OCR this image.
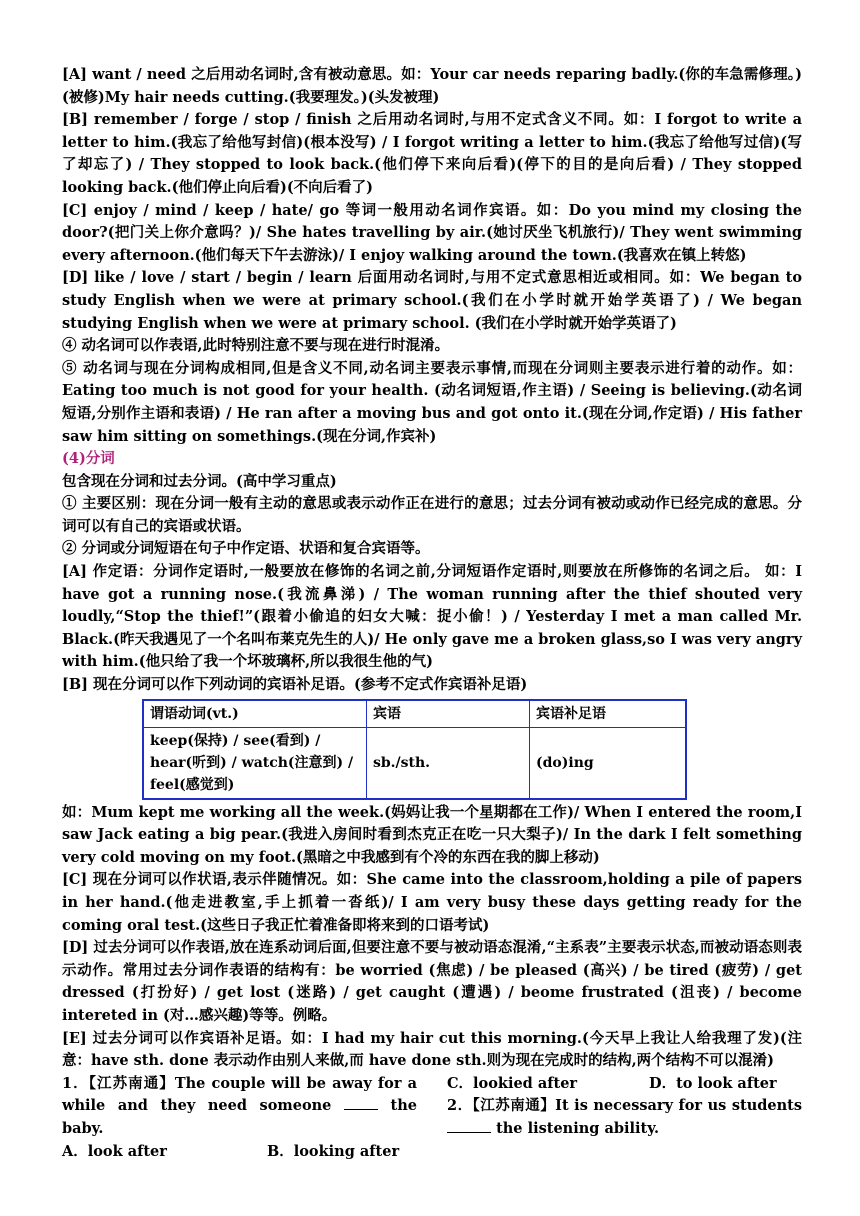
[A] want / need 之后用动名词时,含有被动意思。如：Your car needs reparing badly.(你的车急需修理。)(被修)My hair needs cutting.(我要理发。)(头发被理)

[B] remember / forge / stop / finish 之后用动名词时,与用不定式含义不同。如：I forgot to write a letter to him.(我忘了给他写封信)(根本没写) / I forgot writing a letter to him.(我忘了给他写过信)(写了却忘了) / They stopped to look back.(他们停下来向后看)(停下的目的是向后看) / They stopped looking back.(他们停止向后看)(不向后看了)

[C] enjoy / mind / keep / hate/ go 等词一般用动名词作宾语。如：Do you mind my closing the door?(把门关上你介意吗？)/ She hates travelling by air.(她讨厌坐飞机旅行)/ They went swimming every afternoon.(他们每天下午去游泳)/ I enjoy walking around the town.(我喜欢在镇上转悠)

[D] like / love / start / begin / learn 后面用动名词时,与用不定式意思相近或相同。如：We began to study English when we were at primary school.(我们在小学时就开始学英语了) / We began studying English when we were at primary school. (我们在小学时就开始学英语了)

④ 动名词可以作表语,此时特别注意不要与现在进行时混淆。

⑤ 动名词与现在分词构成相同,但是含义不同,动名词主要表示事情,而现在分词则主要表示进行着的动作。如：Eating too much is not good for your health. (动名词短语,作主语) / Seeing is believing.(动名词短语,分别作主语和表语) / He ran after a moving bus and got onto it.(现在分词,作定语) / His father saw him sitting on somethings.(现在分词,作宾补)

(4)分词

包含现在分词和过去分词。(高中学习重点)

① 主要区别：现在分词一般有主动的意思或表示动作正在进行的意思；过去分词有被动或动作已经完成的意思。分词可以有自己的宾语或状语。

② 分词或分词短语在句子中作定语、状语和复合宾语等。

[A] 作定语：分词作定语时,一般要放在修饰的名词之前,分词短语作定语时,则要放在所修饰的名词之后。 如：I have got a running nose.(我流鼻涕) / The woman running after the thief shouted very loudly,“Stop the thief!”(跟着小偷追的妇女大喊：捉小偷！) / Yesterday I met a man called Mr. Black.(昨天我遇见了一个名叫布莱克先生的人)/ He only gave me a broken glass,so I was very angry with him.(他只给了我一个坏玻璃杯,所以我很生他的气)

[B] 现在分词可以作下列动词的宾语补足语。(参考不定式作宾语补足语)

谓语动词(vt.)	宾语	宾语补足语
keep(保持) / see(看到) / hear(听到) / watch(注意到) / feel(感觉到)	sb./sth.	(do)ing

如：Mum kept me working all the week.(妈妈让我一个星期都在工作)/ When I entered the room,I saw Jack eating a big pear.(我进入房间时看到杰克正在吃一只大梨子)/ In the dark I felt something very cold moving on my foot.(黑暗之中我感到有个冷的东西在我的脚上移动)

[C] 现在分词可以作状语,表示伴随情况。如：She came into the classroom,holding a pile of papers in her hand.(他走进教室,手上抓着一沓纸)/ I am very busy these days getting ready for the coming oral test.(这些日子我正忙着准备即将来到的口语考试)

[D] 过去分词可以作表语,放在连系动词后面,但要注意不要与被动语态混淆,“主系表”主要表示状态,而被动语态则表示动作。常用过去分词作表语的结构有：be worried (焦虑) / be pleased (高兴) / be tired (疲劳) / get dressed (打扮好) / get lost (迷路) / get caught (遭遇) / beome frustrated (沮丧) / become intereted in (对…感兴趣)等等。例略。

[E] 过去分词可以作宾语补足语。如：I had my hair cut this morning.(今天早上我让人给我理了发)(注意：have sth. done 表示动作由别人来做,而 have done sth.则为现在完成时的结构,两个结构不可以混淆)

1．【江苏南通】The couple will be away for a while and they need someone	the baby.

A．look after	B．looking after
C．lookied after	D．to look after

2．【江苏南通】It is necessary for us students  the listening ability.
